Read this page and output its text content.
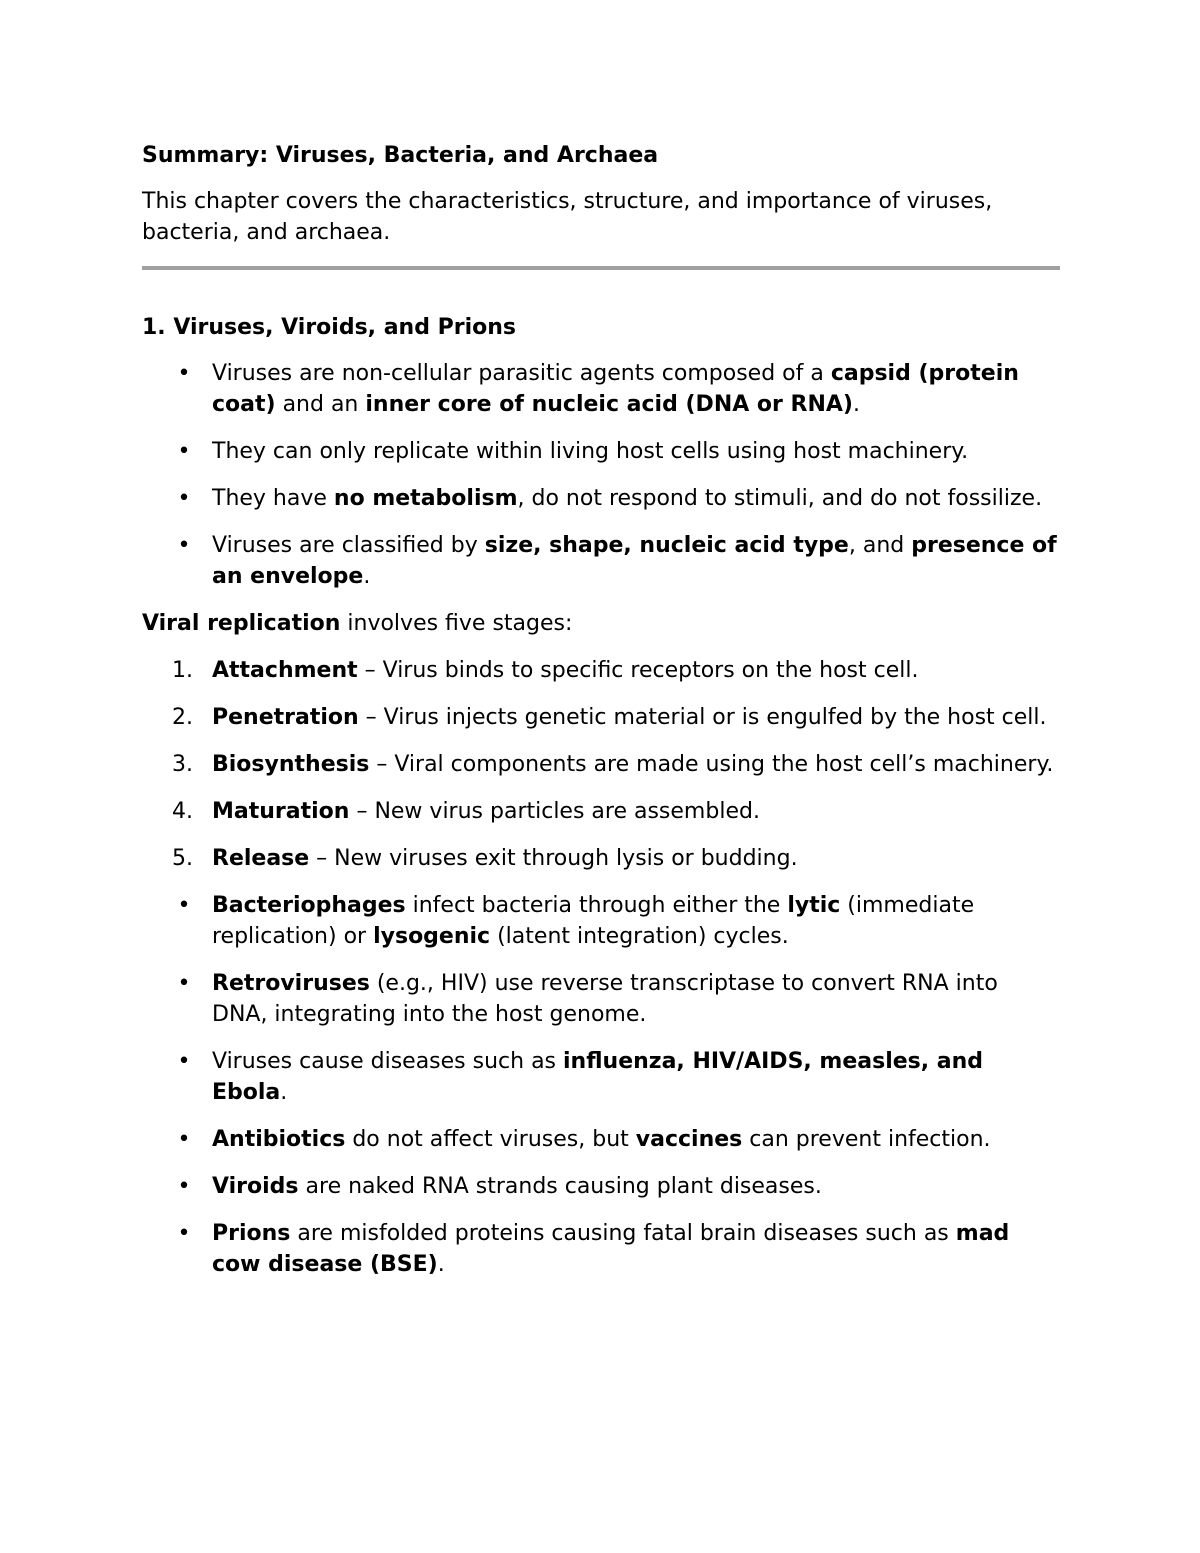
Summary: Viruses, Bacteria, and Archaea

This chapter covers the characteristics, structure, and importance of viruses, bacteria, and archaea.

1. Viruses, Viroids, and Prions
• Viruses are non-cellular parasitic agents composed of a capsid (protein coat) and an inner core of nucleic acid (DNA or RNA).
• They can only replicate within living host cells using host machinery.
• They have no metabolism, do not respond to stimuli, and do not fossilize.
• Viruses are classified by size, shape, nucleic acid type, and presence of an envelope.

Viral replication involves five stages:

1. Attachment – Virus binds to specific receptors on the host cell.
2. Penetration – Virus injects genetic material or is engulfed by the host cell.
3. Biosynthesis – Viral components are made using the host cell’s machinery.
4. Maturation – New virus particles are assembled.
5. Release – New viruses exit through lysis or budding.
• Bacteriophages infect bacteria through either the lytic (immediate replication) or lysogenic (latent integration) cycles.
• Retroviruses (e.g., HIV) use reverse transcriptase to convert RNA into DNA, integrating into the host genome.
• Viruses cause diseases such as influenza, HIV/AIDS, measles, and Ebola.
• Antibiotics do not affect viruses, but vaccines can prevent infection.
• Viroids are naked RNA strands causing plant diseases.
• Prions are misfolded proteins causing fatal brain diseases such as mad cow disease (BSE).
